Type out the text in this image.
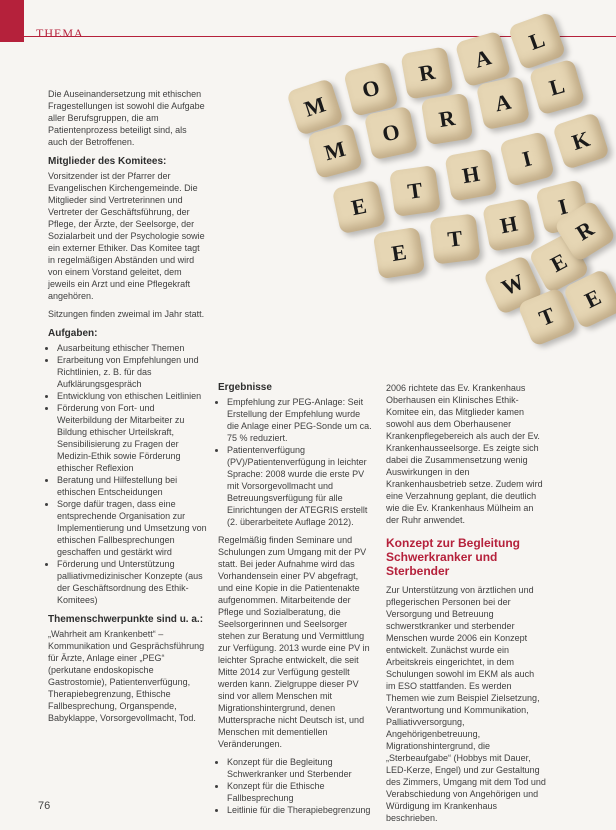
THEMA
M
O
R	A
L
M
O	R
A
L
E
T
H
I
K
E
T
H
I
W
E
R
T
E

Die Auseinandersetzung mit ethischen Fragestellungen ist sowohl die Aufgabe aller Berufsgruppen, die am Patientenprozess beteiligt sind, als auch der Betroffenen.

Mitglieder des Komitees:

Vorsitzender ist der Pfarrer der Evangelischen Kirchengemeinde. Die Mitglieder sind Vertreterinnen und Vertreter der Geschäftsführung, der Pflege, der Ärzte, der Seelsorge, der Sozialarbeit und der Psychologie sowie ein externer Ethiker. Das Komitee tagt in regelmäßigen Abständen und wird von einem Vorstand geleitet, dem jeweils ein Arzt und eine Pflegekraft angehören.

Sitzungen finden zweimal im Jahr statt.

Aufgaben:
• Ausarbeitung ethischer Themen
• Erarbeitung von Empfehlungen und Richtlinien, z. B. für das Aufklärungsgespräch
• Entwicklung von ethischen Leitlinien
• Förderung von Fort- und Weiterbildung der Mitarbeiter zu Bildung ethischer Urteilskraft, Sensibilisierung zu Fragen der Medizin-Ethik sowie Förderung ethischer Reflexion
• Beratung und Hilfestellung bei ethischen Entscheidungen
• Sorge dafür tragen, dass eine entsprechende Organisation zur Implementierung und Umsetzung von ethischen Fallbesprechungen geschaffen und gestärkt wird
• Förderung und Unterstützung palliativmedizinischer Konzepte (aus der Geschäftsordnung des Ethik-Komitees)
Themenschwerpunkte sind u. a.:

„Wahrheit am Krankenbett“ – Kommunikation und Gesprächsführung für Ärzte, Anlage einer „PEG“ (perkutane endoskopische Gastrostomie), Patientenverfügung, Therapiebegrenzung, Ethische Fallbesprechung, Organspende, Babyklappe, Vorsorgevollmacht, Tod.

Ergebnisse
• Empfehlung zur PEG-Anlage: Seit Erstellung der Empfehlung wurde die Anlage einer PEG-Sonde um ca. 75 % reduziert.
• Patientenverfügung (PV)/Patientenverfügung in leichter Sprache: 2008 wurde die erste PV mit Vorsorgevollmacht und Betreuungsverfügung für alle Einrichtungen der ATEGRIS erstellt (2. überarbeitete Auflage 2012).

Regelmäßig finden Seminare und Schulungen zum Umgang mit der PV statt. Bei jeder Aufnahme wird das Vorhandensein einer PV abgefragt, und eine Kopie in die Patientenakte aufgenommen. Mitarbeitende der Pflege und Sozialberatung, die Seelsorgerinnen und Seelsorger stehen zur Beratung und Vermittlung zur Verfügung. 2013 wurde eine PV in leichter Sprache entwickelt, die seit Mitte 2014 zur Verfügung gestellt werden kann. Zielgruppe dieser PV sind vor allem Menschen mit Migrationshintergrund, denen Muttersprache nicht Deutsch ist, und Menschen mit dementiellen Veränderungen.

• Konzept für die Begleitung Schwerkranker und Sterbender
• Konzept für die Ethische Fallbesprechung
• Leitlinie für die Therapiebegrenzung

2006 richtete das Ev. Krankenhaus Oberhausen ein Klinisches Ethik-Komitee ein, das Mitglieder kamen sowohl aus dem Oberhausener Krankenpflegebereich als auch der Ev. Krankenhausseelsorge. Es zeigte sich dabei die Zusammensetzung wenig Auswirkungen in den Krankenhausbetrieb setze. Zudem wird eine Verzahnung geplant, die deutlich wie die Ev. Krankenhaus Mülheim an der Ruhr anwendet.

Konzept zur Begleitung Schwerkranker und Sterbender

Zur Unterstützung von ärztlichen und pflegerischen Personen bei der Versorgung und Betreuung schwerstkranker und sterbender Menschen wurde 2006 ein Konzept entwickelt. Zunächst wurde ein Arbeitskreis eingerichtet, in dem Schulungen sowohl im EKM als auch im ESO stattfanden. Es werden Themen wie zum Beispiel Zielsetzung, Verantwortung und Kommunikation, Palliativversorgung, Angehörigenbetreuung, Migrationshintergrund, die „Sterbeaufgabe“ (Hobbys mit Dauer, LED-Kerze, Engel) und zur Gestaltung des Zimmers, Umgang mit dem Tod und Verabschiedung von Angehörigen und Würdigung im Krankenhaus beschrieben.

76
